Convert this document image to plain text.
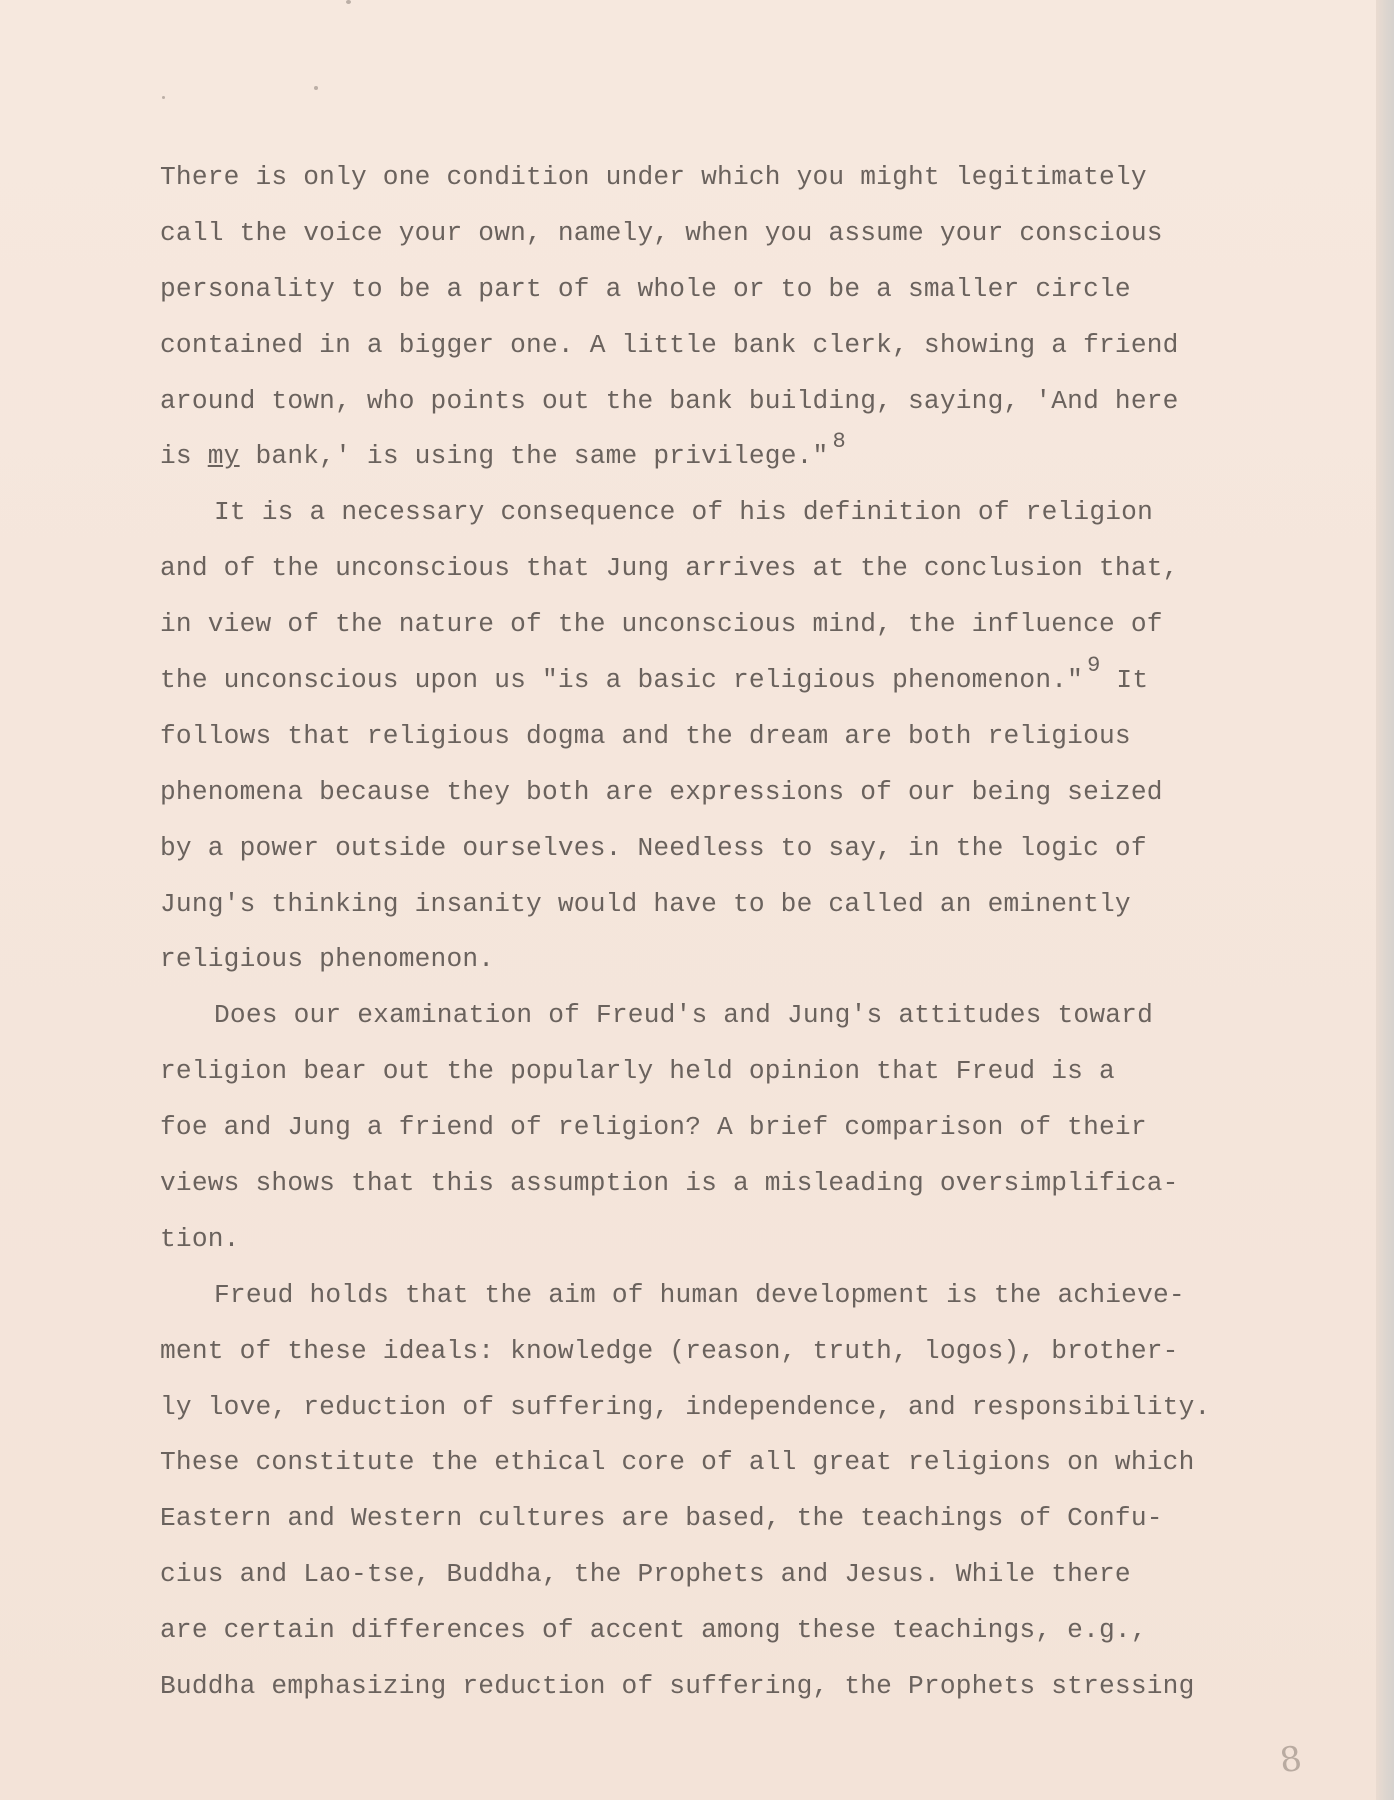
There is only one condition under which you might legitimately
call the voice your own, namely, when you assume your conscious
personality to be a part of a whole or to be a smaller circle
contained in a bigger one. A little bank clerk, showing a friend
around town, who points out the bank building, saying, 'And here
is my bank,' is using the same privilege." $^8$
It is a necessary consequence of his definition of religion
and of the unconscious that Jung arrives at the conclusion that,
in view of the nature of the unconscious mind, the influence of
the unconscious upon us "is a basic religious phenomenon." $^9$ It
follows that religious dogma and the dream are both religious
phenomena because they both are expressions of our being seized
by a power outside ourselves. Needless to say, in the logic of
Jung's thinking insanity would have to be called an eminently
religious phenomenon.
Does our examination of Freud's and Jung's attitudes toward
religion bear out the popularly held opinion that Freud is a
foe and Jung a friend of religion? A brief comparison of their
views shows that this assumption is a misleading oversimplifica-
tion.
Freud holds that the aim of human development is the achieve-
ment of these ideals: knowledge (reason, truth, logos), brother-
ly love, reduction of suffering, independence, and responsibility.
These constitute the ethical core of all great religions on which
Eastern and Western cultures are based, the teachings of Confu-
cius and Lao-tse, Buddha, the Prophets and Jesus. While there
are certain differences of accent among these teachings, e.g.,
Buddha emphasizing reduction of suffering, the Prophets stressing
8
